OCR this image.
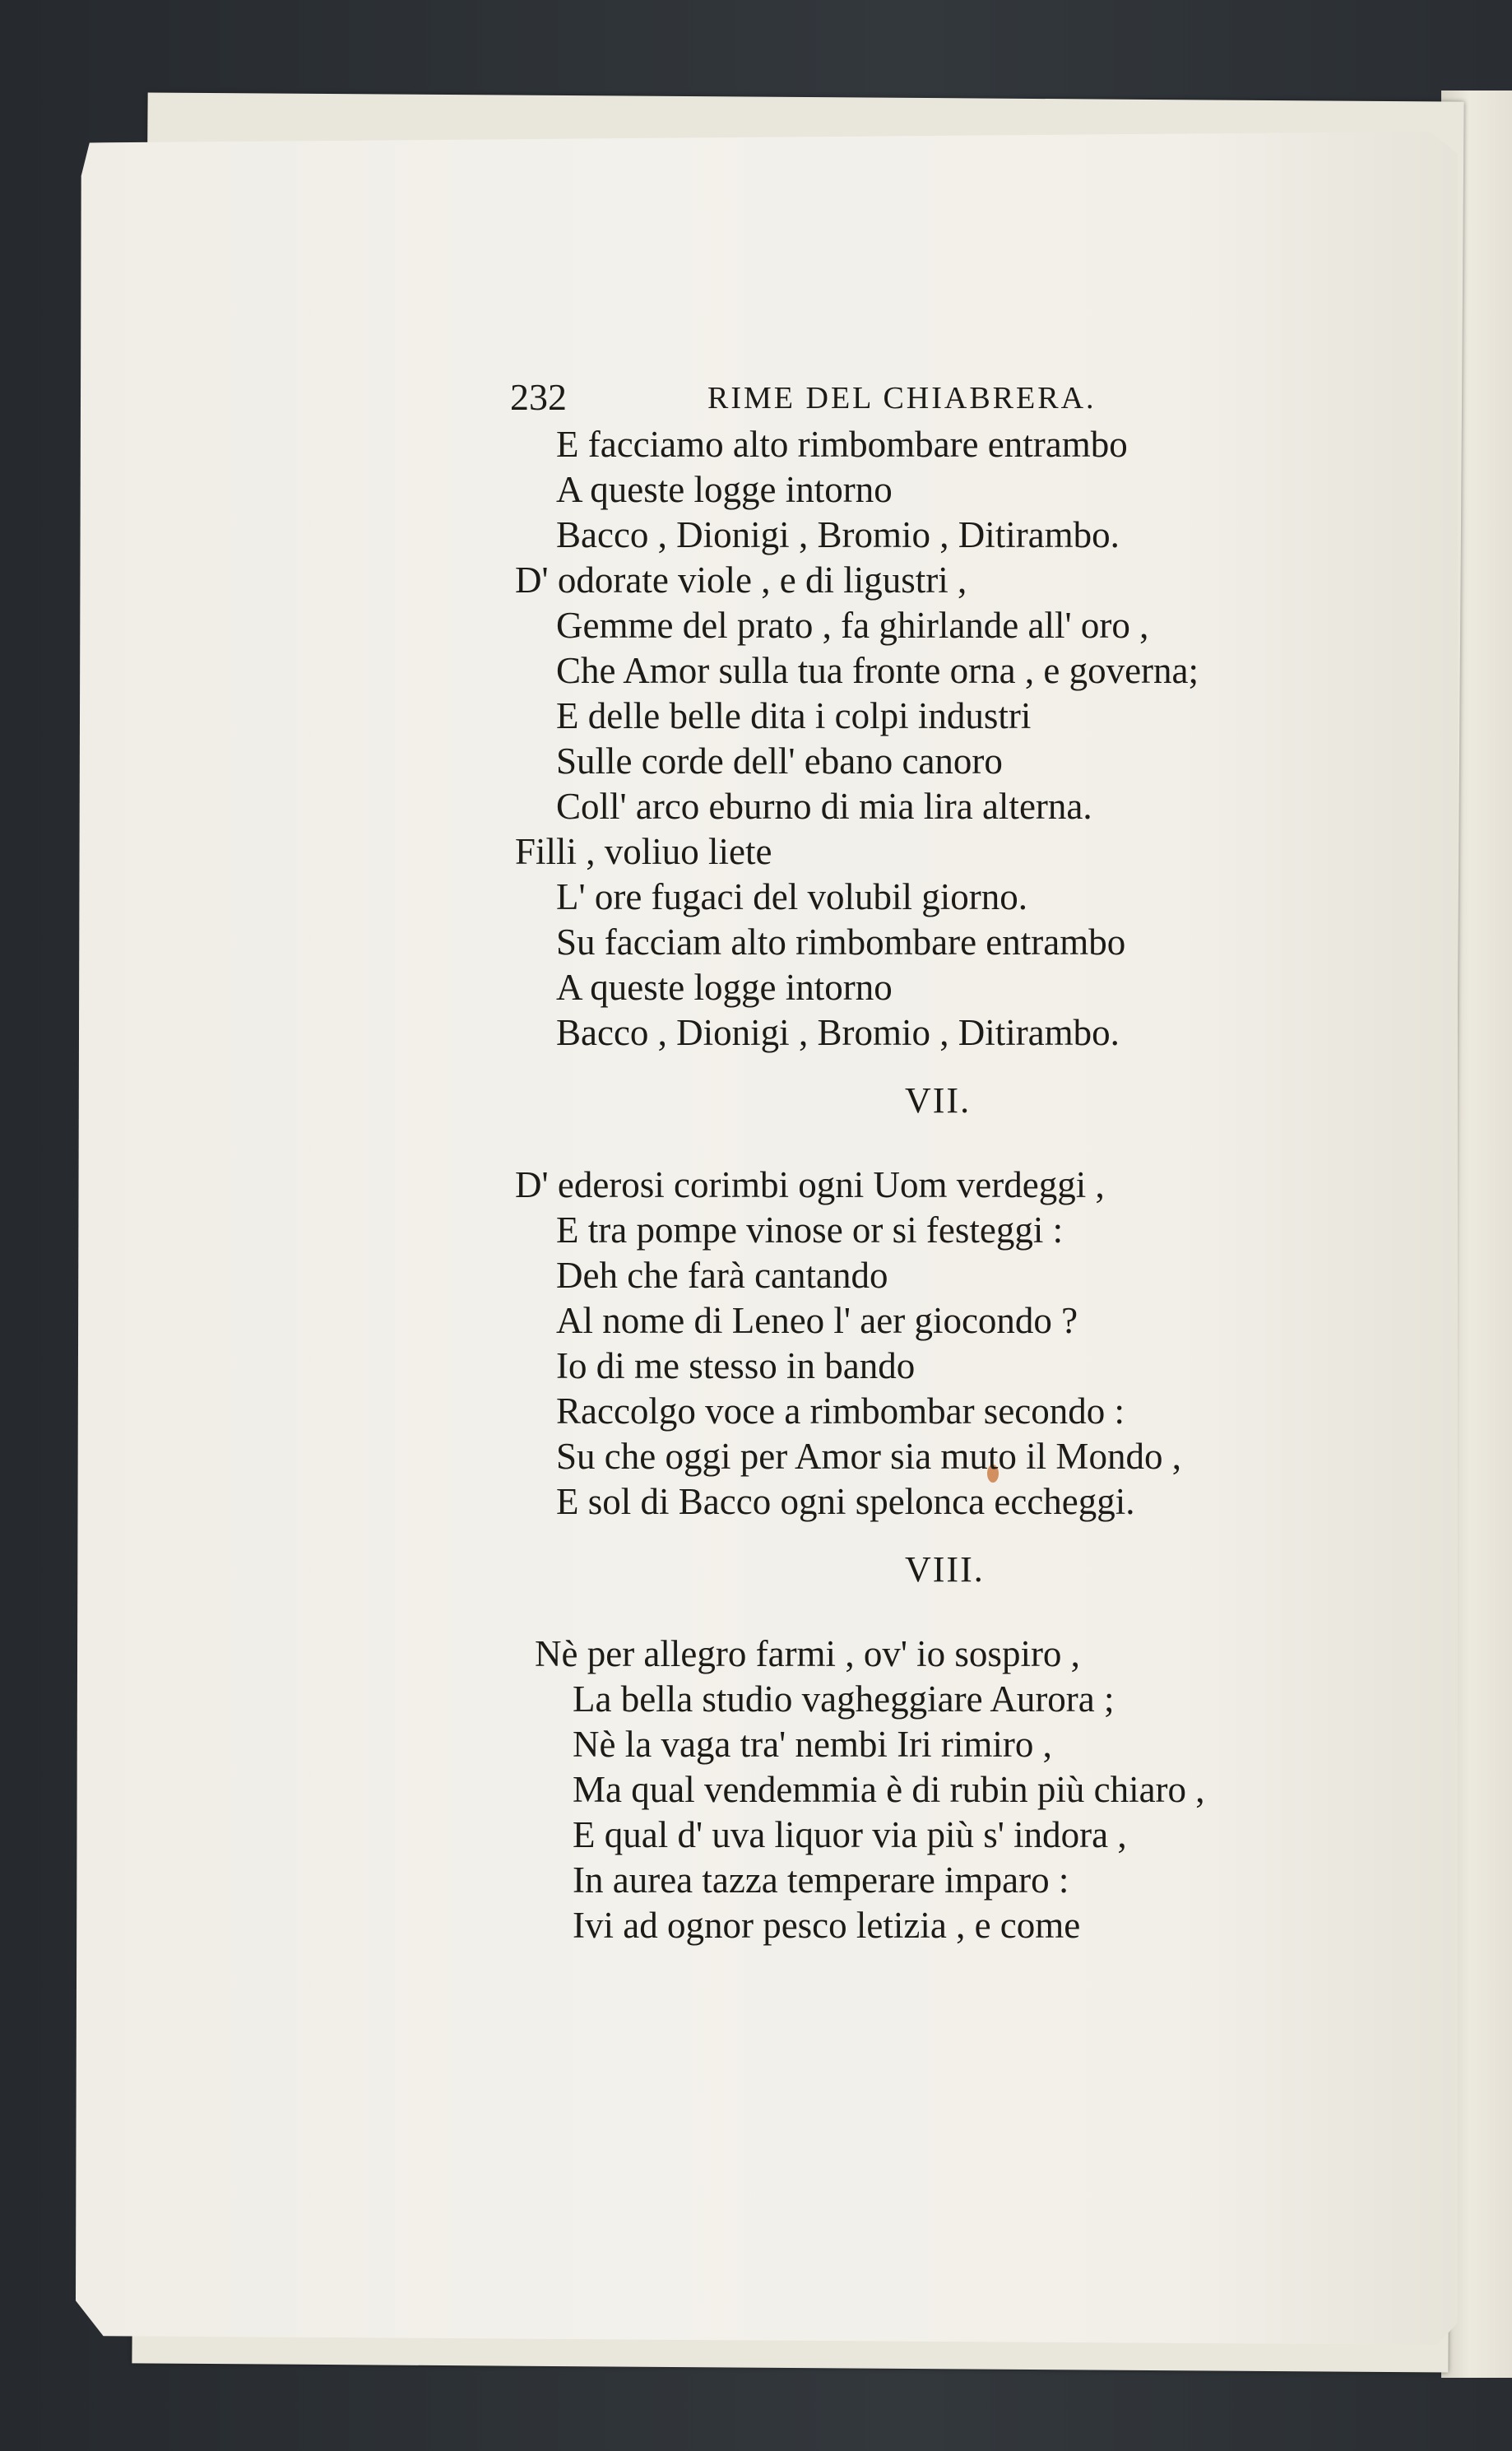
232	RIME DEL CHIABRERA.
E facciamo alto rimbombare entrambo
A queste logge intorno
Bacco , Dionigi , Bromio , Ditirambo.
D' odorate viole , e di ligustri ,
Gemme del prato , fa ghirlande all' oro ,
Che Amor sulla tua fronte orna , e governa;
E delle belle dita i colpi industri
Sulle corde dell' ebano canoro
Coll' arco eburno di mia lira alterna.
Filli , voliuo liete
L' ore fugaci del volubil giorno.
Su facciam alto rimbombare entrambo
A queste logge intorno
Bacco , Dionigi , Bromio , Ditirambo.
VII.
D' ederosi corimbi ogni Uom verdeggi ,
E tra pompe vinose or si festeggi :
Deh che farà cantando
Al nome di Leneo l' aer giocondo ?
Io di me stesso in bando
Raccolgo voce a rimbombar secondo :
Su che oggi per Amor sia muto il Mondo ,
E sol di Bacco ogni spelonca ecchеggi.
VIII.
Nè per allegro farmi , ov' io sospiro ,
La bella studio vagheggiare Aurora ;
Nè la vaga tra' nembi Iri rimiro ,
Ma qual vendemmia è di rubin più chiaro ,
E qual d' uva liquor via più s' indora ,
In aurea tazza temperare imparo :
Ivi ad ognor pesco letizia , e come
